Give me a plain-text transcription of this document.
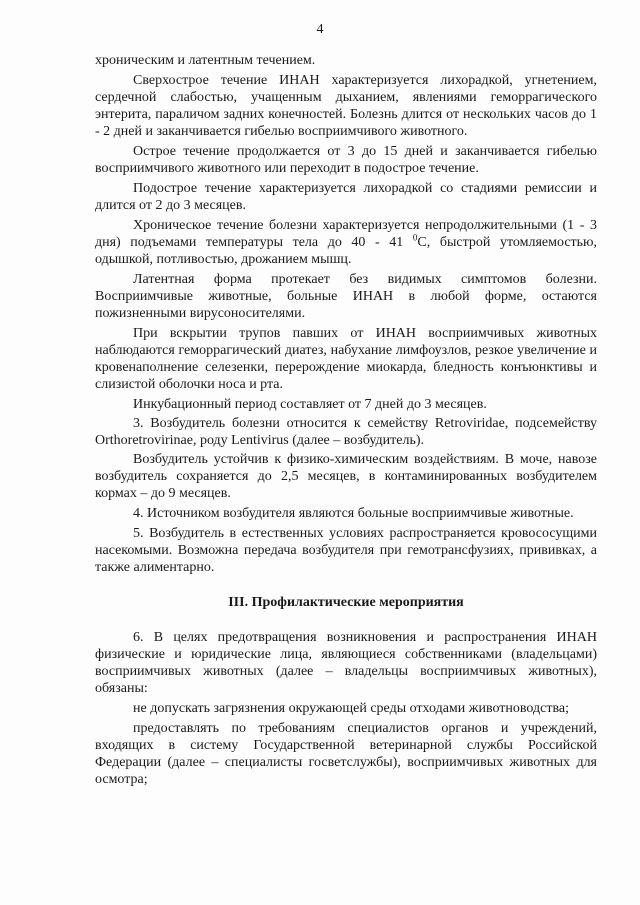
4

хроническим и латентным течением.

Сверхострое течение ИНАН характеризуется лихорадкой, угнетением, сердечной слабостью, учащенным дыханием, явлениями геморрагического энтерита, параличом задних конечностей. Болезнь длится от нескольких часов до 1 - 2 дней и заканчивается гибелью восприимчивого животного.

Острое течение продолжается от 3 до 15 дней и заканчивается гибелью восприимчивого животного или переходит в подострое течение.

Подострое течение характеризуется лихорадкой со стадиями ремиссии и длится от 2 до 3 месяцев.

Хроническое течение болезни характеризуется непродолжительными (1 - 3 дня) подъемами температуры тела до 40 - 41 $^0$С, быстрой утомляемостью, одышкой, потливостью, дрожанием мышц.

Латентная форма протекает без видимых симптомов болезни. Восприимчивые животные, больные ИНАН в любой форме, остаются пожизненными вирусоносителями.

При вскрытии трупов павших от ИНАН восприимчивых животных наблюдаются геморрагический диатез, набухание лимфоузлов, резкое увеличение и кровенаполнение селезенки, перерождение миокарда, бледность конъюнктивы и слизистой оболочки носа и рта.

Инкубационный период составляет от 7 дней до 3 месяцев.

3. Возбудитель болезни относится к семейству Retroviridae, подсемейству Orthoretrovirinae, роду Lentivirus (далее – возбудитель).

Возбудитель устойчив к физико-химическим воздействиям. В моче, навозе возбудитель сохраняется до 2,5 месяцев, в контаминированных возбудителем кормах – до 9 месяцев.

4. Источником возбудителя являются больные восприимчивые животные.

5. Возбудитель в естественных условиях распространяется кровососущими насекомыми. Возможна передача возбудителя при гемотрансфузиях, прививках, а также алиментарно.

III. Профилактические мероприятия

6. В целях предотвращения возникновения и распространения ИНАН физические и юридические лица, являющиеся собственниками (владельцами) восприимчивых животных (далее – владельцы восприимчивых животных), обязаны:

не допускать загрязнения окружающей среды отходами животноводства;

предоставлять по требованиям специалистов органов и учреждений, входящих в систему Государственной ветеринарной службы Российской Федерации (далее – специалисты госветслужбы), восприимчивых животных для осмотра;
